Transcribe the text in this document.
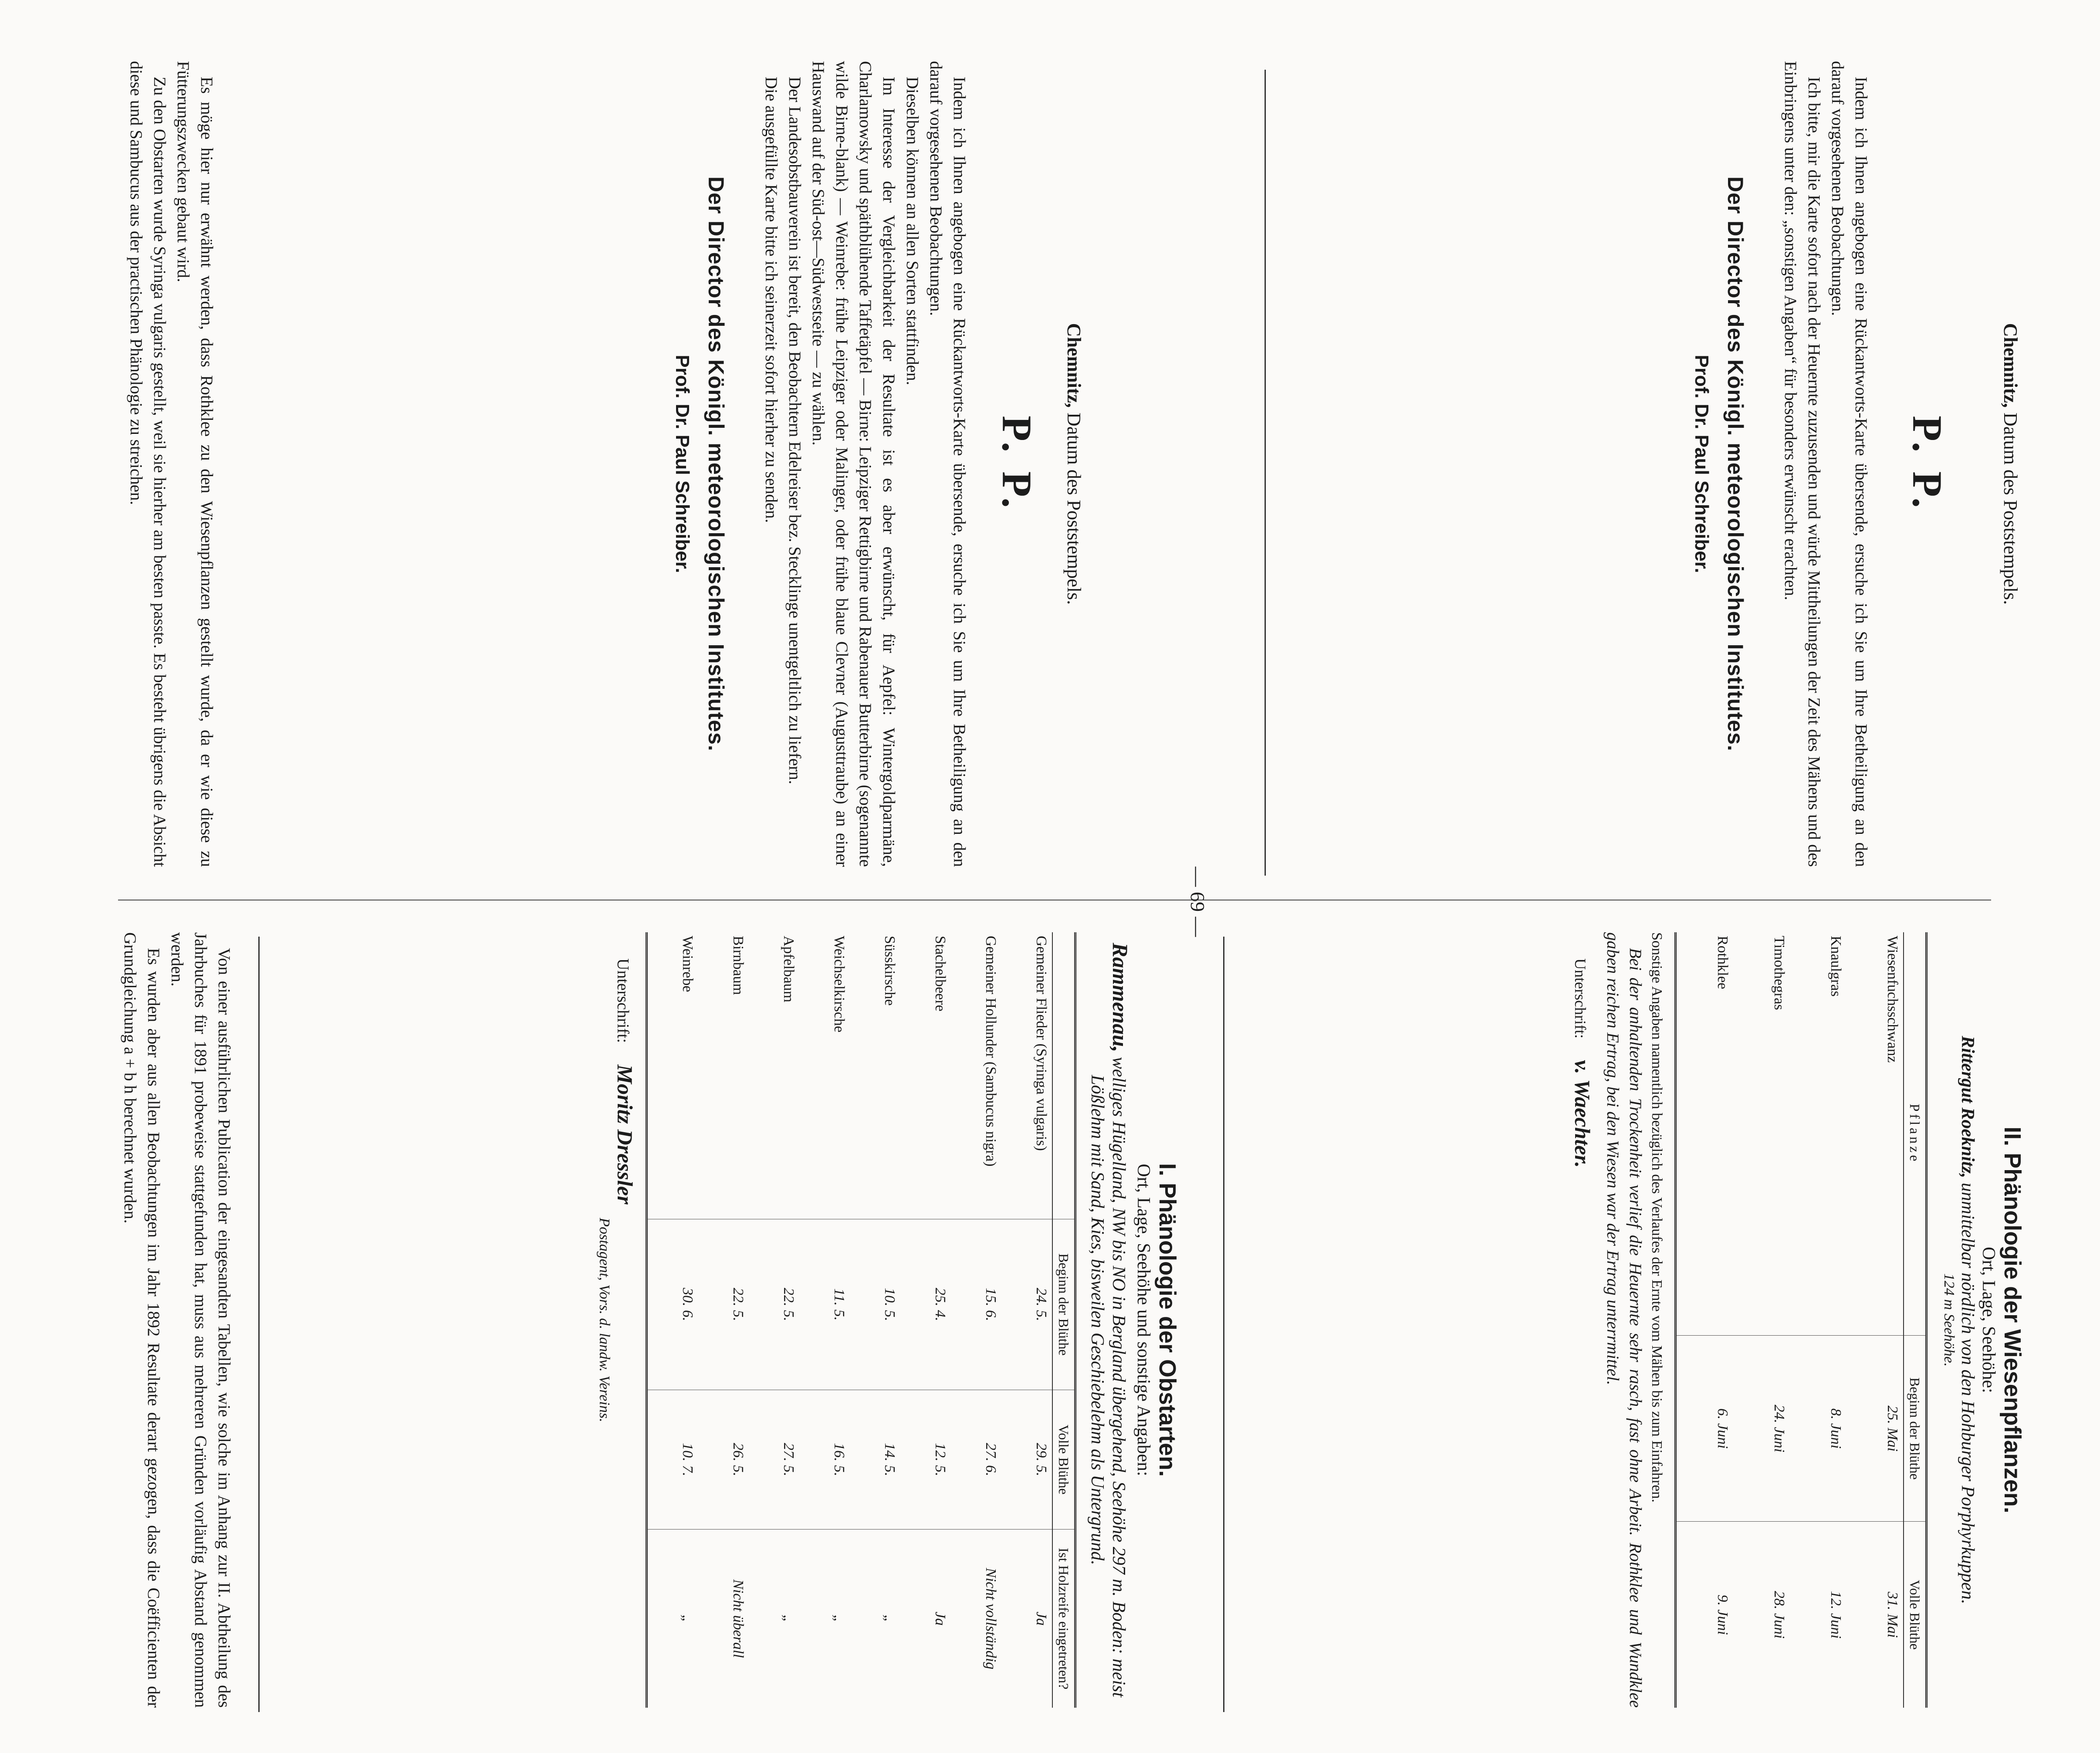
— 69 —
Chemnitz, Datum des Poststempels.
P. P.

Indem ich Ihnen angebogen eine Rückantworts-Karte übersende, ersuche ich Sie um Ihre Betheiligung an den darauf vorgesehenen Beobachtungen.

Ich bitte, mir die Karte sofort nach der Heuernte zuzusenden und würde Mittheilungen der Zeit des Mähens und des Einbringens unter den: „sonstigen Angaben“ für besonders erwünscht erachten.

Der Director des Königl. meteorologischen Institutes.
Prof. Dr. Paul Schreiber.
Chemnitz, Datum des Poststempels.
P. P.

Indem ich Ihnen angebogen eine Rückantworts-Karte übersende, ersuche ich Sie um Ihre Betheiligung an den darauf vorgesehenen Beobachtungen.

Dieselben können an allen Sorten stattfinden.

Im Interesse der Vergleichbarkeit der Resultate ist es aber erwünscht, für Aepfel: Wintergoldparmäne, Charlamowsky und späthblühende Taffetäpfel — Birne: Leipziger Rettigbirne und Rabenauer Butterbirne (sogenannte wilde Birne-blank) — Weinrebe: frühe Leipziger oder Malinger, oder frühe blaue Clevner (Augusttraube) an einer Hauswand auf der Süd-ost—Südwestseite — zu wählen.

Der Landesobstbauverein ist bereit, den Beobachtern Edelreiser bez. Stecklinge unentgeltlich zu liefern.

Die ausgefüllte Karte bitte ich seinerzeit sofort hierher zu senden.

Der Director des Königl. meteorologischen Institutes.
Prof. Dr. Paul Schreiber.

Es möge hier nur erwähnt werden, dass Rothklee zu den Wiesenpflanzen gestellt wurde, da er wie diese zu Fütterungszwecken gebaut wird.

Zu den Obstarten wurde Syringa vulgaris gestellt, weil sie hierher am besten passte. Es besteht übrigens die Absicht diese und Sambucus aus der practischen Phänologie zu streichen.

II. Phänologie der Wiesenpflanzen.
Ort, Lage, Seehöhe:
Rittergut Roeknitz, unmittelbar nördlich von den Hohburger Porphyrkuppen.
124 m Seehöhe.
Pflanze	Beginn der Blüthe	Volle Blüthe
Wiesenfuchsschwanz	25. Mai	31. Mai
Knaulgras	8. Juni	12. Juni
Timothegras	24. Juni	28. Juni
Rothklee	6. Juni	9. Juni
Sonstige Angaben namentlich bezüglich des Verlaufes der Ernte vom Mähen bis zum Einfahren.
Bei der anhaltenden Trockenheit verlief die Heuernte sehr rasch, fast ohne Arbeit. Rothklee und Wundklee gaben reichen Ertrag, bei den Wiesen war der Ertrag unterrmittel.
Unterschrift: v. Waechter.
I. Phänologie der Obstarten.
Ort, Lage, Seehöhe und sonstige Angaben:
Rammenau, welliges Hügelland, NW bis NO in Bergland übergehend, Seehöhe 297 m. Boden: meist Lößlehm mit Sand, Kies, bisweilen Geschiebelehm als Untergrund.
	Beginn der Blüthe	Volle Blüthe	Ist Holzreife eingetreten?
Gemeiner Flieder (Syringa vulgaris)	24. 5.	29. 5.	Ja
Gemeiner Hollunder (Sambucus nigra)	15. 6.	27. 6.	Nicht vollständig
Stachelbeere	25. 4.	12. 5.	Ja
Süsskirsche	10. 5.	14. 5.	„
Weichselkirsche	11. 5.	16. 5.	„
Apfelbaum	22. 5.	27. 5.	„
Birnbaum	22. 5.	26. 5.	Nicht überall
Weinrebe	30. 6.	10. 7.	„
Unterschrift: Moritz Dressler
Postagent, Vors. d. landw. Vereins.

Von einer ausführlichen Publication der eingesandten Tabellen, wie solche im Anhang zur II. Abtheilung des Jahrbuches für 1891 probeweise stattgefunden hat, muss aus mehreren Gründen vorläufig Abstand genommen werden.

Es wurden aber aus allen Beobachtungen im Jahr 1892 Resultate derart gezogen, dass die Coëfficienten der Grundgleichung a + b h berechnet wurden.
